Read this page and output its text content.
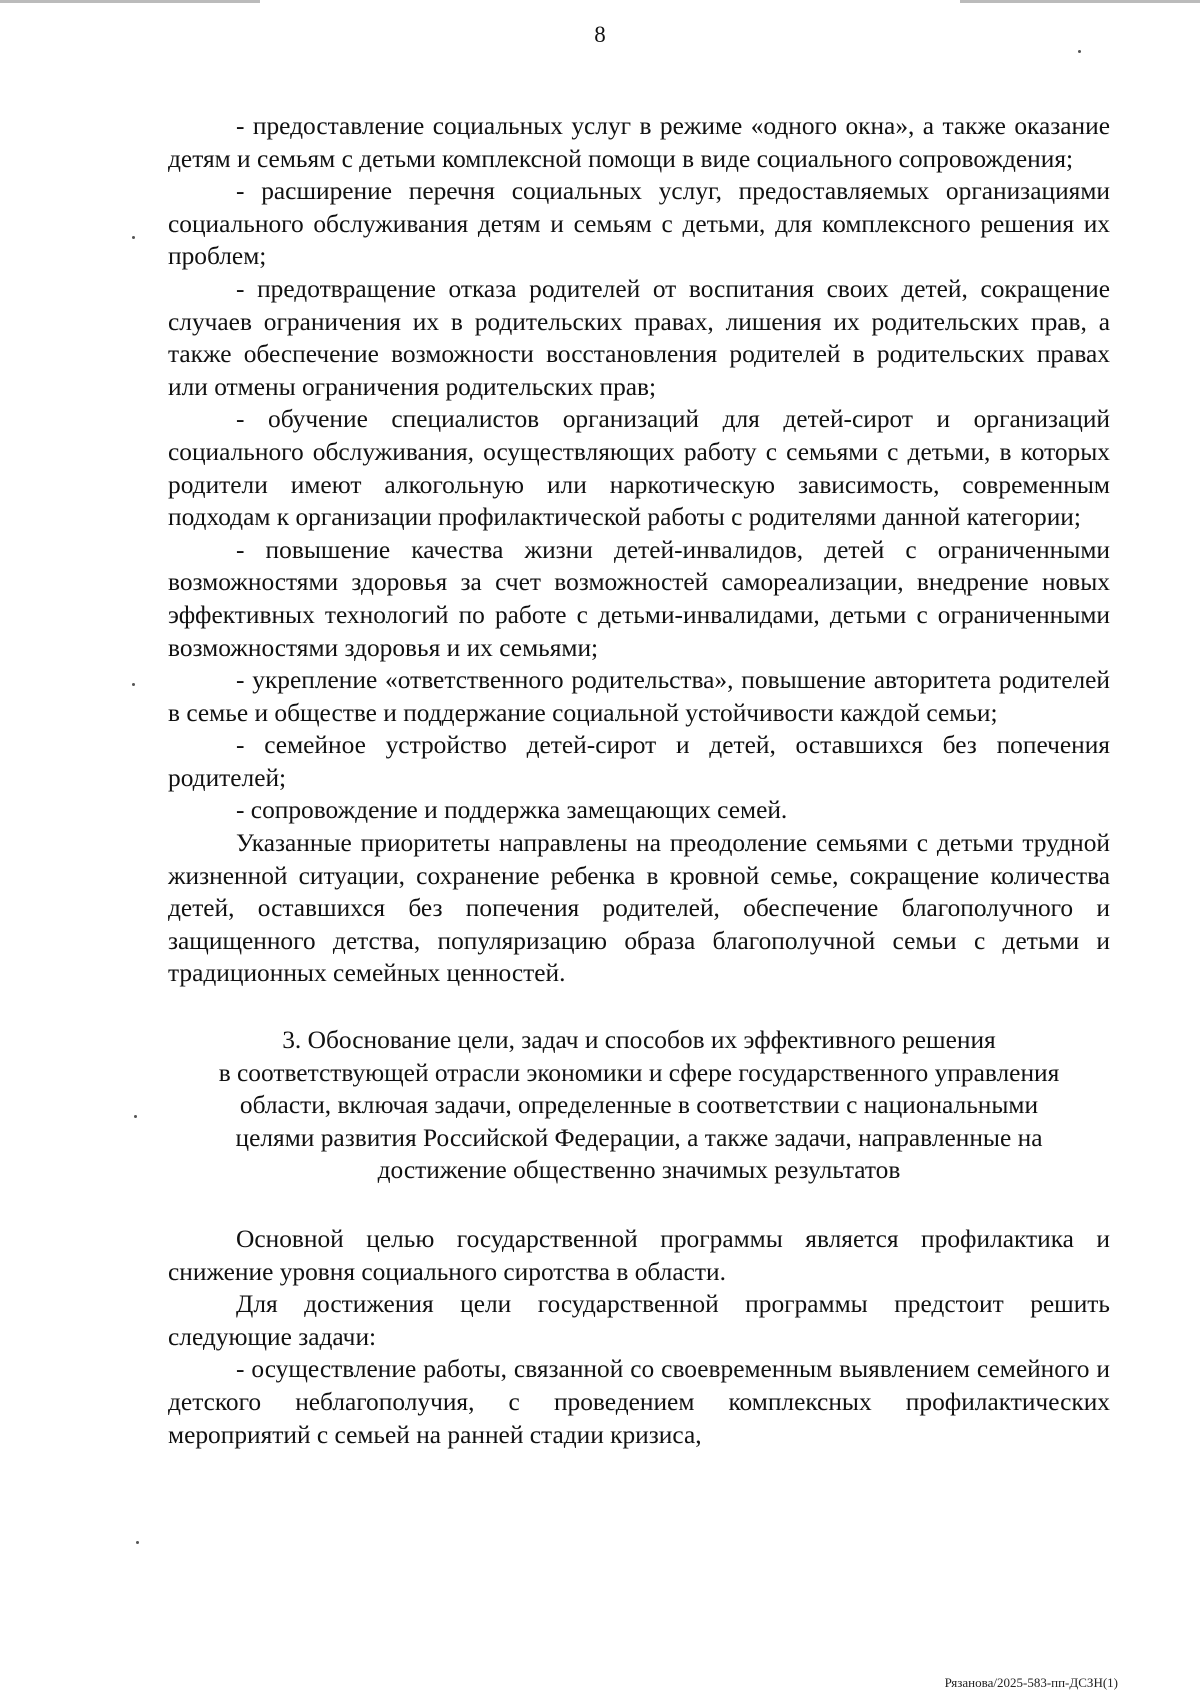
8

- предоставление социальных услуг в режиме «одного окна», а также оказание детям и семьям с детьми комплексной помощи в виде социального сопровождения;

- расширение перечня социальных услуг, предоставляемых организациями социального обслуживания детям и семьям с детьми, для комплексного решения их проблем;

- предотвращение отказа родителей от воспитания своих детей, сокращение случаев ограничения их в родительских правах, лишения их родительских прав, а также обеспечение возможности восстановления родителей в родительских правах или отмены ограничения родительских прав;

- обучение специалистов организаций для детей-сирот и организаций социального обслуживания, осуществляющих работу с семьями с детьми, в которых родители имеют алкогольную или наркотическую зависимость, современным подходам к организации профилактической работы с родителями данной категории;

- повышение качества жизни детей-инвалидов, детей с ограниченными возможностями здоровья за счет возможностей самореализации, внедрение новых эффективных технологий по работе с детьми-инвалидами, детьми с ограниченными возможностями здоровья и их семьями;

- укрепление «ответственного родительства», повышение авторитета родителей в семье и обществе и поддержание социальной устойчивости каждой семьи;

- семейное устройство детей-сирот и детей, оставшихся без попечения родителей;

- сопровождение и поддержка замещающих семей.

Указанные приоритеты направлены на преодоление семьями с детьми трудной жизненной ситуации, сохранение ребенка в кровной семье, сокращение количества детей, оставшихся без попечения родителей, обеспечение благополучного и защищенного детства, популяризацию образа благополучной семьи с детьми и традиционных семейных ценностей.

3. Обоснование цели, задач и способов их эффективного решения

в соответствующей отрасли экономики и сфере государственного управления

области, включая задачи, определенные в соответствии с национальными

целями развития Российской Федерации, а также задачи, направленные на

достижение общественно значимых результатов

Основной целью государственной программы является профилактика и снижение уровня социального сиротства в области.

Для достижения цели государственной программы предстоит решить следующие задачи:

- осуществление работы, связанной со своевременным выявлением семейного и детского неблагополучия, с проведением комплексных профилактических мероприятий с семьей на ранней стадии кризиса,

Рязанова/2025-583-пп-ДСЗН(1)
